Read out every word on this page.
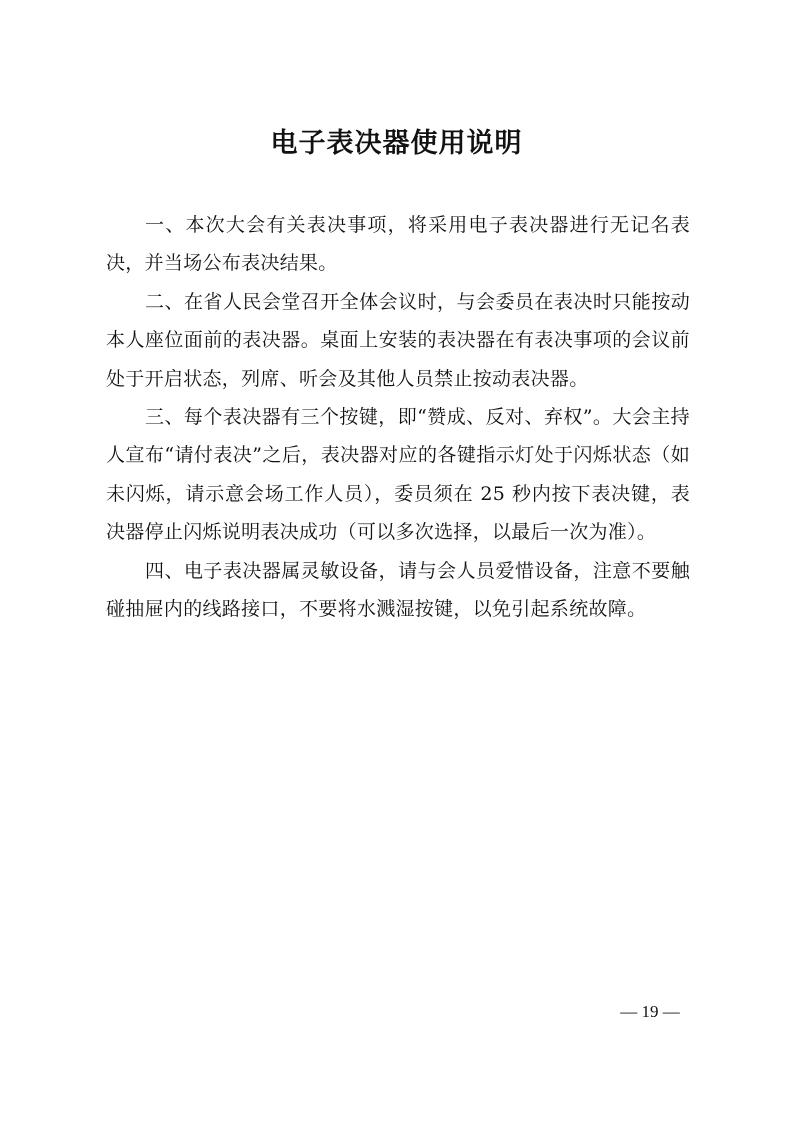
电子表决器使用说明

一、本次大会有关表决事项，将采用电子表决器进行无记名表决，并当场公布表决结果。

二、在省人民会堂召开全体会议时，与会委员在表决时只能按动本人座位面前的表决器。桌面上安装的表决器在有表决事项的会议前处于开启状态，列席、听会及其他人员禁止按动表决器。

三、每个表决器有三个按键，即“赞成、反对、弃权”。大会主持人宣布“请付表决”之后，表决器对应的各键指示灯处于闪烁状态（如未闪烁，请示意会场工作人员），委员须在 25 秒内按下表决键，表决器停止闪烁说明表决成功（可以多次选择，以最后一次为准）。

四、电子表决器属灵敏设备，请与会人员爱惜设备，注意不要触碰抽屉内的线路接口，不要将水溅湿按键，以免引起系统故障。

— 19 —
